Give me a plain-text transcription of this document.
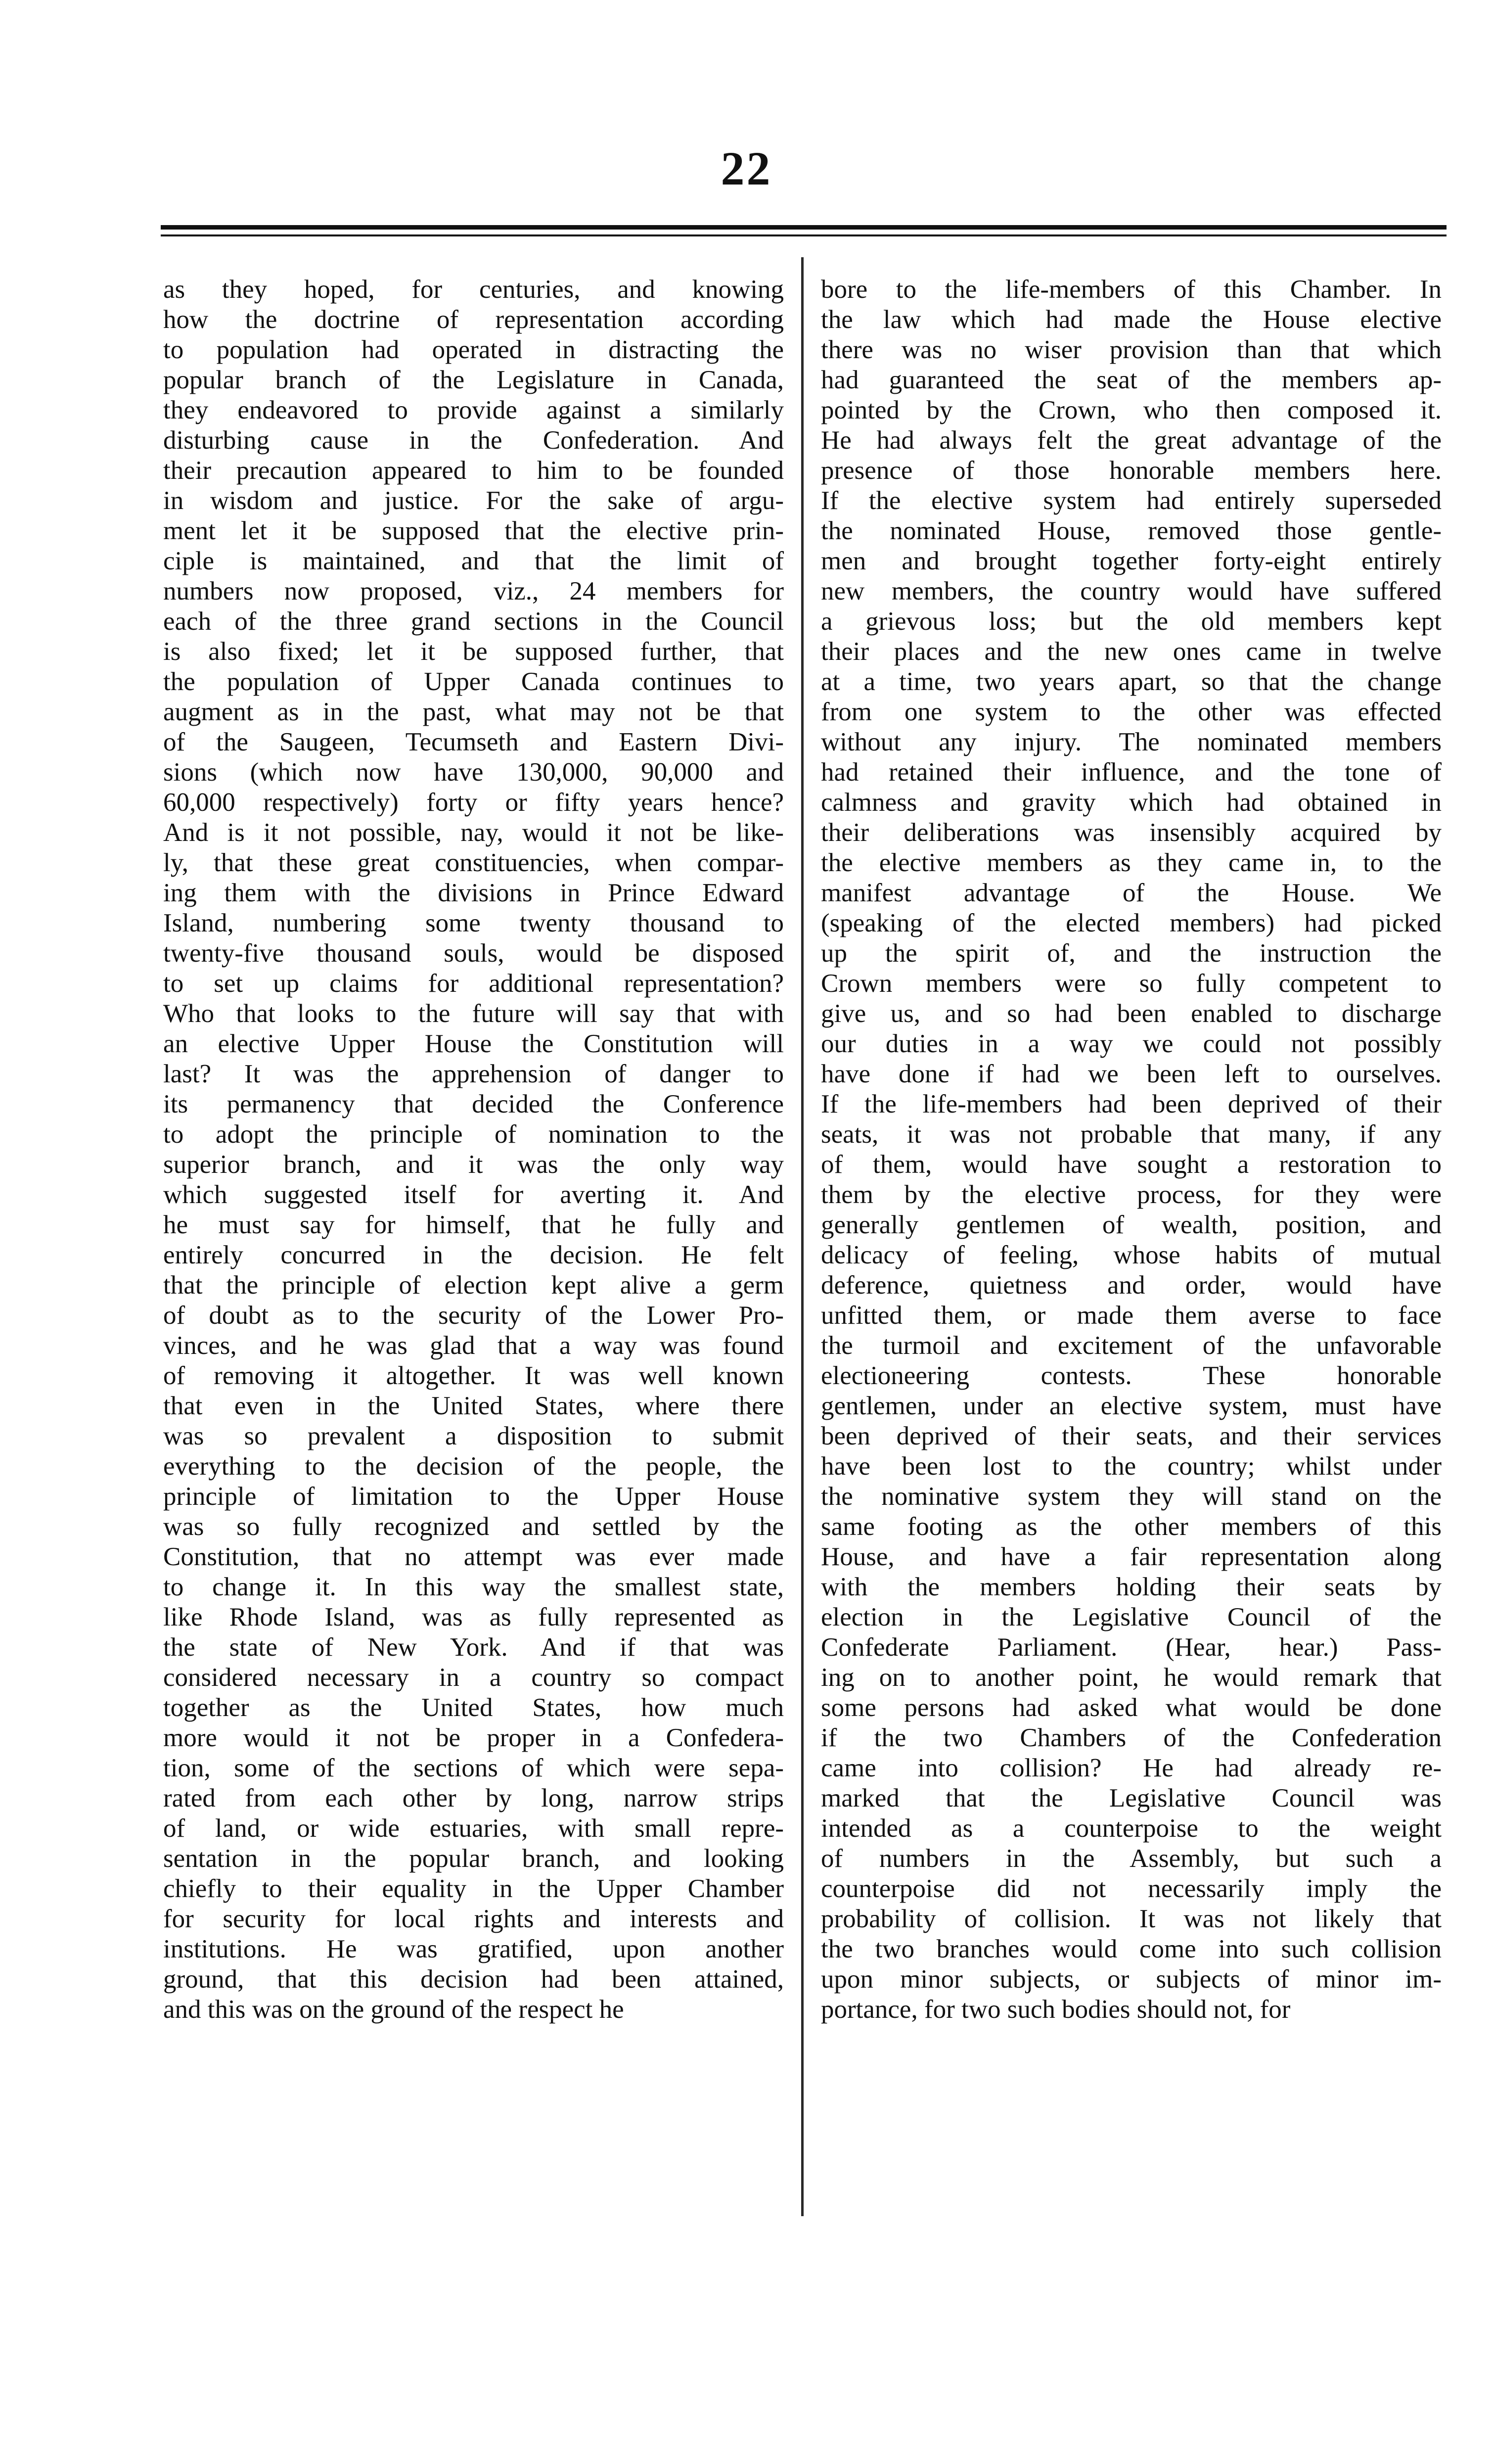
22
as they hoped, for centuries, and knowing
how the doctrine of representation according
to population had operated in distracting the
popular branch of the Legislature in Canada,
they endeavored to provide against a similarly
disturbing cause in the Confederation. And
their precaution appeared to him to be founded
in wisdom and justice. For the sake of argu-
ment let it be supposed that the elective prin-
ciple is maintained, and that the limit of
numbers now proposed, viz., 24 members for
each of the three grand sections in the Council
is also fixed; let it be supposed further, that
the population of Upper Canada continues to
augment as in the past, what may not be that
of the Saugeen, Tecumseth and Eastern Divi-
sions (which now have 130,000, 90,000 and
60,000 respectively) forty or fifty years hence?
And is it not possible, nay, would it not be like-
ly, that these great constituencies, when compar-
ing them with the divisions in Prince Edward
Island, numbering some twenty thousand to
twenty-five thousand souls, would be disposed
to set up claims for additional representation?
Who that looks to the future will say that with
an elective Upper House the Constitution will
last? It was the apprehension of danger to
its permanency that decided the Conference
to adopt the principle of nomination to the
superior branch, and it was the only way
which suggested itself for averting it. And
he must say for himself, that he fully and
entirely concurred in the decision. He felt
that the principle of election kept alive a germ
of doubt as to the security of the Lower Pro-
vinces, and he was glad that a way was found
of removing it altogether. It was well known
that even in the United States, where there
was so prevalent a disposition to submit
everything to the decision of the people, the
principle of limitation to the Upper House
was so fully recognized and settled by the
Constitution, that no attempt was ever made
to change it. In this way the smallest state,
like Rhode Island, was as fully represented as
the state of New York. And if that was
considered necessary in a country so compact
together as the United States, how much
more would it not be proper in a Confedera-
tion, some of the sections of which were sepa-
rated from each other by long, narrow strips
of land, or wide estuaries, with small repre-
sentation in the popular branch, and looking
chiefly to their equality in the Upper Chamber
for security for local rights and interests and
institutions. He was gratified, upon another
ground, that this decision had been attained,
and this was on the ground of the respect he
bore to the life-members of this Chamber. In
the law which had made the House elective
there was no wiser provision than that which
had guaranteed the seat of the members ap-
pointed by the Crown, who then composed it.
He had always felt the great advantage of the
presence of those honorable members here.
If the elective system had entirely superseded
the nominated House, removed those gentle-
men and brought together forty-eight entirely
new members, the country would have suffered
a grievous loss; but the old members kept
their places and the new ones came in twelve
at a time, two years apart, so that the change
from one system to the other was effected
without any injury. The nominated members
had retained their influence, and the tone of
calmness and gravity which had obtained in
their deliberations was insensibly acquired by
the elective members as they came in, to the
manifest advantage of the House. We
(speaking of the elected members) had picked
up the spirit of, and the instruction the
Crown members were so fully competent to
give us, and so had been enabled to discharge
our duties in a way we could not possibly
have done if had we been left to ourselves.
If the life-members had been deprived of their
seats, it was not probable that many, if any
of them, would have sought a restoration to
them by the elective process, for they were
generally gentlemen of wealth, position, and
delicacy of feeling, whose habits of mutual
deference, quietness and order, would have
unfitted them, or made them averse to face
the turmoil and excitement of the unfavorable
electioneering contests. These honorable
gentlemen, under an elective system, must have
been deprived of their seats, and their services
have been lost to the country; whilst under
the nominative system they will stand on the
same footing as the other members of this
House, and have a fair representation along
with the members holding their seats by
election in the Legislative Council of the
Confederate Parliament. (Hear, hear.) Pass-
ing on to another point, he would remark that
some persons had asked what would be done
if the two Chambers of the Confederation
came into collision? He had already re-
marked that the Legislative Council was
intended as a counterpoise to the weight
of numbers in the Assembly, but such a
counterpoise did not necessarily imply the
probability of collision. It was not likely that
the two branches would come into such collision
upon minor subjects, or subjects of minor im-
portance, for two such bodies should not, for
